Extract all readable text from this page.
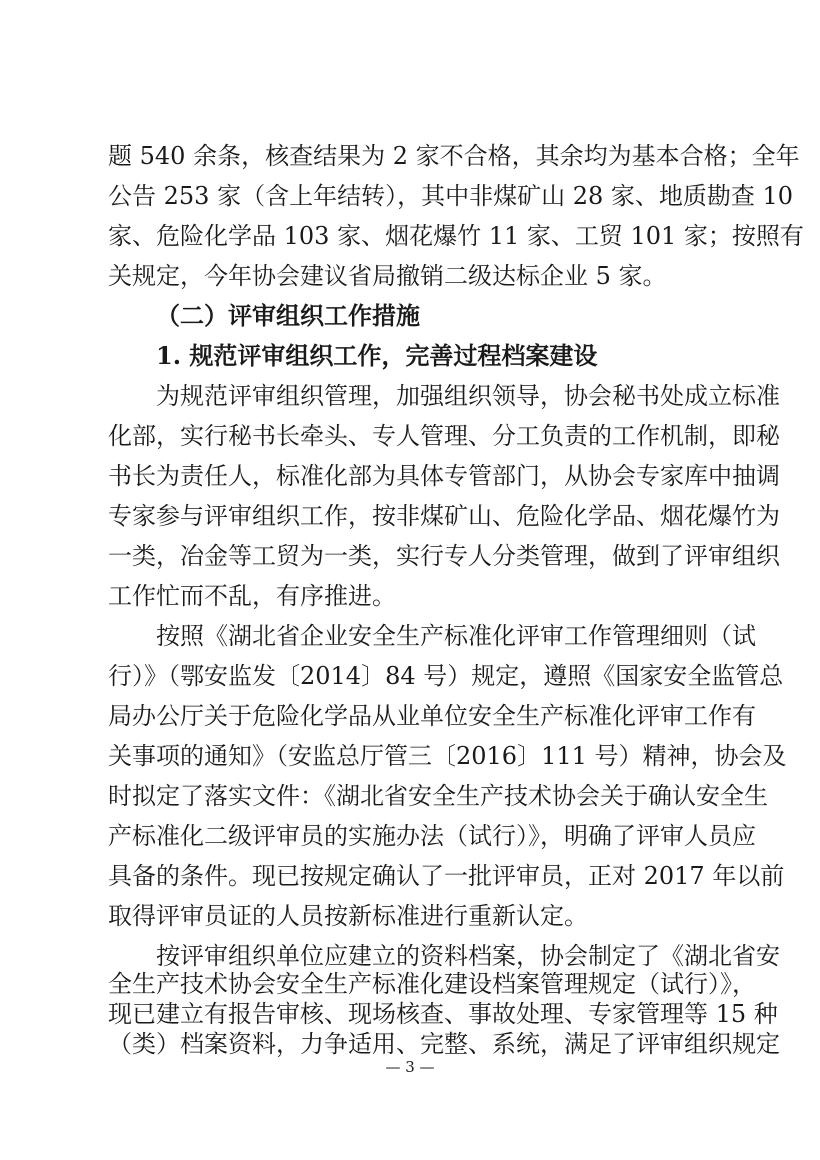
题 540 余条，核查结果为 2 家不合格，其余均为基本合格；全年
公告 253 家（含上年结转），其中非煤矿山 28 家、地质勘查 10
家、危险化学品 103 家、烟花爆竹 11 家、工贸 101 家；按照有
关规定，今年协会建议省局撤销二级达标企业 5 家。
（二）评审组织工作措施
1. 规范评审组织工作，完善过程档案建设
为规范评审组织管理，加强组织领导，协会秘书处成立标准
化部，实行秘书长牵头、专人管理、分工负责的工作机制，即秘
书长为责任人，标准化部为具体专管部门，从协会专家库中抽调
专家参与评审组织工作，按非煤矿山、危险化学品、烟花爆竹为
一类，冶金等工贸为一类，实行专人分类管理，做到了评审组织
工作忙而不乱，有序推进。
按照《湖北省企业安全生产标准化评审工作管理细则（试
行）》（鄂安监发〔2014〕84 号）规定，遵照《国家安全监管总
局办公厅关于危险化学品从业单位安全生产标准化评审工作有
关事项的通知》（安监总厅管三〔2016〕111 号）精神，协会及
时拟定了落实文件：《湖北省安全生产技术协会关于确认安全生
产标准化二级评审员的实施办法（试行）》，明确了评审人员应
具备的条件。现已按规定确认了一批评审员，正对 2017 年以前
取得评审员证的人员按新标准进行重新认定。
按评审组织单位应建立的资料档案，协会制定了《湖北省安
全生产技术协会安全生产标准化建设档案管理规定（试行）》，
现已建立有报告审核、现场核查、事故处理、专家管理等 15 种
（类）档案资料，力争适用、完整、系统，满足了评审组织规定
— 3 —
